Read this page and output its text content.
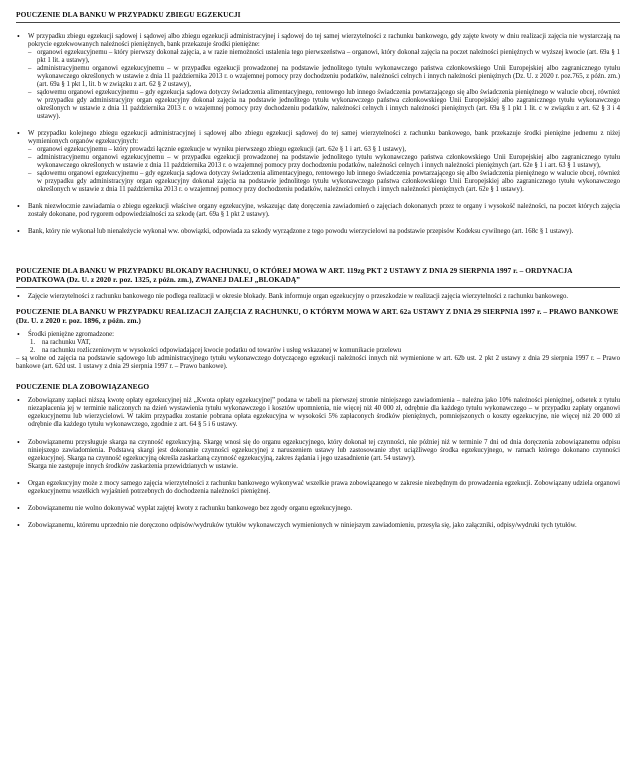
POUCZENIE DLA BANKU W PRZYPADKU ZBIEGU EGZEKUCJI
• W przypadku zbiegu egzekucji sądowej i sądowej albo zbiegu egzekucji administracyjnej i sądowej do tej samej wierzytelności z rachunku bankowego, gdy zajęte kwoty w dniu realizacji zajęcia nie wystarczają na pokrycie egzekwowanych należności pieniężnych, bank przekazuje środki pieniężne:
– organowi egzekucyjnemu – który pierwszy dokonał zajęcia, a w razie niemożności ustalenia tego pierwszeństwa – organowi, który dokonał zajęcia na poczet należności pieniężnych w wyższej kwocie (art. 69a § 1 pkt 1 lit. a ustawy),
– administracyjnemu organowi egzekucyjnemu – w przypadku egzekucji prowadzonej na podstawie jednolitego tytułu wykonawczego państwa członkowskiego Unii Europejskiej albo zagranicznego tytułu wykonawczego określonych w ustawie z dnia 11 października 2013 r. o wzajemnej pomocy przy dochodzeniu podatków, należności celnych i innych należności pieniężnych (Dz. U. z 2020 r. poz.765, z późn. zm.) (art. 69a § 1 pkt 1, lit. b w związku z art. 62 § 2 ustawy),
– sądowemu organowi egzekucyjnemu – gdy egzekucja sądowa dotyczy świadczenia alimentacyjnego, rentowego lub innego świadczenia powtarzającego się albo świadczenia pieniężnego w walucie obcej, również w przypadku gdy administracyjny organ egzekucyjny dokonał zajęcia na podstawie jednolitego tytułu wykonawczego państwa członkowskiego Unii Europejskiej albo zagranicznego tytułu wykonawczego określonych w ustawie z dnia 11 października 2013 r. o wzajemnej pomocy przy dochodzeniu podatków, należności celnych i innych należności pieniężnych (art. 69a § 1 pkt 1 lit. c w związku z art. 62 § 3 i 4 ustawy).
• W przypadku kolejnego zbiegu egzekucji administracyjnej i sądowej albo zbiegu egzekucji sądowej do tej samej wierzytelności z rachunku bankowego, bank przekazuje środki pieniężne jednemu z niżej wymienionych organów egzekucyjnych:
– organowi egzekucyjnemu – który prowadzi łącznie egzekucje w wyniku pierwszego zbiegu egzekucji (art. 62e § 1 i art. 63 § 1 ustawy),
– administracyjnemu organowi egzekucyjnemu – w przypadku egzekucji prowadzonej na podstawie jednolitego tytułu wykonawczego państwa członkowskiego Unii Europejskiej albo zagranicznego tytułu wykonawczego określonych w ustawie z dnia 11 października 2013 r. o wzajemnej pomocy przy dochodzeniu podatków, należności celnych i innych należności pieniężnych (art. 62e § 1 i art. 63 § 1 ustawy),
– sądowemu organowi egzekucyjnemu – gdy egzekucja sądowa dotyczy świadczenia alimentacyjnego, rentowego lub innego świadczenia powtarzającego się albo świadczenia pieniężnego w walucie obcej, również w przypadku gdy administracyjny organ egzekucyjny dokonał zajęcia na podstawie jednolitego tytułu wykonawczego państwa członkowskiego Unii Europejskiej albo zagranicznego tytułu wykonawczego określonych w ustawie z dnia 11 października 2013 r. o wzajemnej pomocy przy dochodzeniu podatków, należności celnych i innych należności pieniężnych (art. 62e § 1 ustawy).
• Bank niezwłocznie zawiadamia o zbiegu egzekucji właściwe organy egzekucyjne, wskazując datę doręczenia zawiadomień o zajęciach dokonanych przez te organy i wysokość należności, na poczet których zajęcia zostały dokonane, pod rygorem odpowiedzialności za szkodę (art. 69a § 1 pkt 2 ustawy).
• Bank, który nie wykonał lub nienależycie wykonał ww. obowiązki, odpowiada za szkody wyrządzone z tego powodu wierzycielowi na podstawie przepisów Kodeksu cywilnego (art. 168c § 1 ustawy).
POUCZENIE DLA BANKU W PRZYPADKU BLOKADY RACHUNKU, O KTÓREJ MOWA W ART. 119zg PKT 2 USTAWY Z DNIA 29 SIERPNIA 1997 r. – ORDYNACJA PODATKOWA (Dz. U. z 2020 r. poz. 1325, z późn. zm.), ZWANEJ DALEJ „BLOKADĄ”
• Zajęcie wierzytelności z rachunku bankowego nie podlega realizacji w okresie blokady. Bank informuje organ egzekucyjny o przeszkodzie w realizacji zajęcia wierzytelności z rachunku bankowego.
POUCZENIE DLA BANKU W PRZYPADKU REALIZACJI ZAJĘCIA Z RACHUNKU, O KTÓRYM MOWA W ART. 62a USTAWY Z DNIA 29 SIERPNIA 1997 r. – PRAWO BANKOWE (Dz. U. z 2020 r. poz. 1896, z późn. zm.)
• Środki pieniężne zgromadzone:
1. na rachunku VAT,
2. na rachunku rozliczeniowym w wysokości odpowiadającej kwocie podatku od towarów i usług wskazanej w komunikacie przelewu
– są wolne od zajęcia na podstawie sądowego lub administracyjnego tytułu wykonawczego dotyczącego egzekucji należności innych niż wymienione w art. 62b ust. 2 pkt 2 ustawy z dnia 29 sierpnia 1997 r. – Prawo bankowe (art. 62d ust. 1 ustawy z dnia 29 sierpnia 1997 r. – Prawo bankowe).
POUCZENIE DLA ZOBOWIĄZANEGO
• Zobowiązany zapłaci niższą kwotę opłaty egzekucyjnej niż „Kwota opłaty egzekucyjnej” podana w tabeli na pierwszej stronie niniejszego zawiadomienia – należna jako 10% należności pieniężnej, odsetek z tytułu niezapłacenia jej w terminie naliczonych na dzień wystawienia tytułu wykonawczego i kosztów upomnienia, nie więcej niż 40 000 zł, odrębnie dla każdego tytułu wykonawczego – w przypadku zapłaty organowi egzekucyjnemu lub wierzycielowi. W takim przypadku zostanie pobrana opłata egzekucyjna w wysokości 5% zapłaconych środków pieniężnych, pomniejszonych o koszty egzekucyjne, nie więcej niż 20 000 zł odrębnie dla każdego tytułu wykonawczego, zgodnie z art. 64 § 5 i 6 ustawy.
• Zobowiązanemu przysługuje skarga na czynność egzekucyjną. Skargę wnosi się do organu egzekucyjnego, który dokonał tej czynności, nie później niż w terminie 7 dni od dnia doręczenia zobowiązanemu odpisu niniejszego zawiadomienia. Podstawą skargi jest dokonanie czynności egzekucyjnej z naruszeniem ustawy lub zastosowanie zbyt uciążliwego środka egzekucyjnego, w ramach którego dokonano czynności egzekucyjnej. Skarga na czynność egzekucyjną określa zaskarżaną czynność egzekucyjną, zakres żądania i jego uzasadnienie (art. 54 ustawy).
Skarga nie zastępuje innych środków zaskarżenia przewidzianych w ustawie.
• Organ egzekucyjny może z mocy samego zajęcia wierzytelności z rachunku bankowego wykonywać wszelkie prawa zobowiązanego w zakresie niezbędnym do prowadzenia egzekucji. Zobowiązany udziela organowi egzekucyjnemu wszelkich wyjaśnień potrzebnych do dochodzenia należności pieniężnej.
• Zobowiązanemu nie wolno dokonywać wypłat zajętej kwoty z rachunku bankowego bez zgody organu egzekucyjnego.
• Zobowiązanemu, któremu uprzednio nie doręczono odpisów/wydruków tytułów wykonawczych wymienionych w niniejszym zawiadomieniu, przesyła się, jako załączniki, odpisy/wydruki tych tytułów.
